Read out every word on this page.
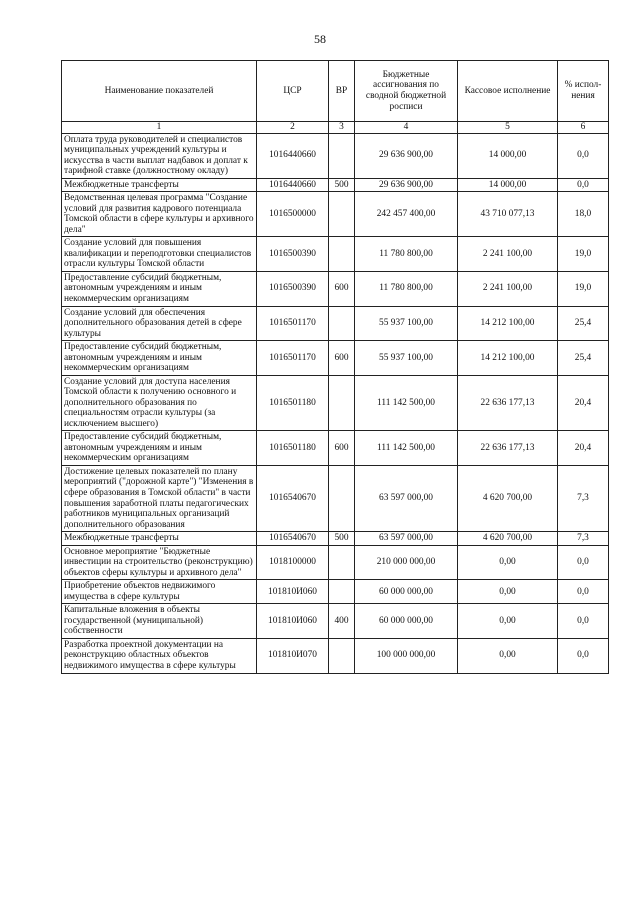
58
Наименование показателей	ЦСР	ВР	Бюджетные ассигнования по сводной бюджетной росписи	Кассовое исполнение	% испол-нения
1	2	3	4	5	6
Оплата труда руководителей и специалистов муниципальных учреждений культуры и искусства в части выплат надбавок и доплат к тарифной ставке (должностному окладу)	1016440660		29 636 900,00	14 000,00	0,0
Межбюджетные трансферты	1016440660	500	29 636 900,00	14 000,00	0,0
Ведомственная целевая программа "Создание условий для развития кадрового потенциала Томской области в сфере культуры и архивного дела"	1016500000		242 457 400,00	43 710 077,13	18,0
Создание условий для повышения квалификации и переподготовки специалистов отрасли культуры Томской области	1016500390		11 780 800,00	2 241 100,00	19,0
Предоставление субсидий бюджетным, автономным учреждениям и иным некоммерческим организациям	1016500390	600	11 780 800,00	2 241 100,00	19,0
Создание условий для обеспечения дополнительного образования детей в сфере культуры	1016501170		55 937 100,00	14 212 100,00	25,4
Предоставление субсидий бюджетным, автономным учреждениям и иным некоммерческим организациям	1016501170	600	55 937 100,00	14 212 100,00	25,4
Создание условий для доступа населения Томской области к получению основного и дополнительного образования по специальностям отрасли культуры (за исключением высшего)	1016501180		111 142 500,00	22 636 177,13	20,4
Предоставление субсидий бюджетным, автономным учреждениям и иным некоммерческим организациям	1016501180	600	111 142 500,00	22 636 177,13	20,4
Достижение целевых показателей по плану мероприятий ("дорожной карте") "Изменения в сфере образования в Томской области" в части повышения заработной платы педагогических работников муниципальных организаций дополнительного образования	1016540670		63 597 000,00	4 620 700,00	7,3
Межбюджетные трансферты	1016540670	500	63 597 000,00	4 620 700,00	7,3
Основное мероприятие "Бюджетные инвестиции на строительство (реконструкцию) объектов сферы культуры и архивного дела"	1018100000		210 000 000,00	0,00	0,0
Приобретение объектов недвижимого имущества в сфере культуры	101810И060		60 000 000,00	0,00	0,0
Капитальные вложения в объекты государственной (муниципальной) собственности	101810И060	400	60 000 000,00	0,00	0,0
Разработка проектной документации на реконструкцию областных объектов недвижимого имущества в сфере культуры	101810И070		100 000 000,00	0,00	0,0
